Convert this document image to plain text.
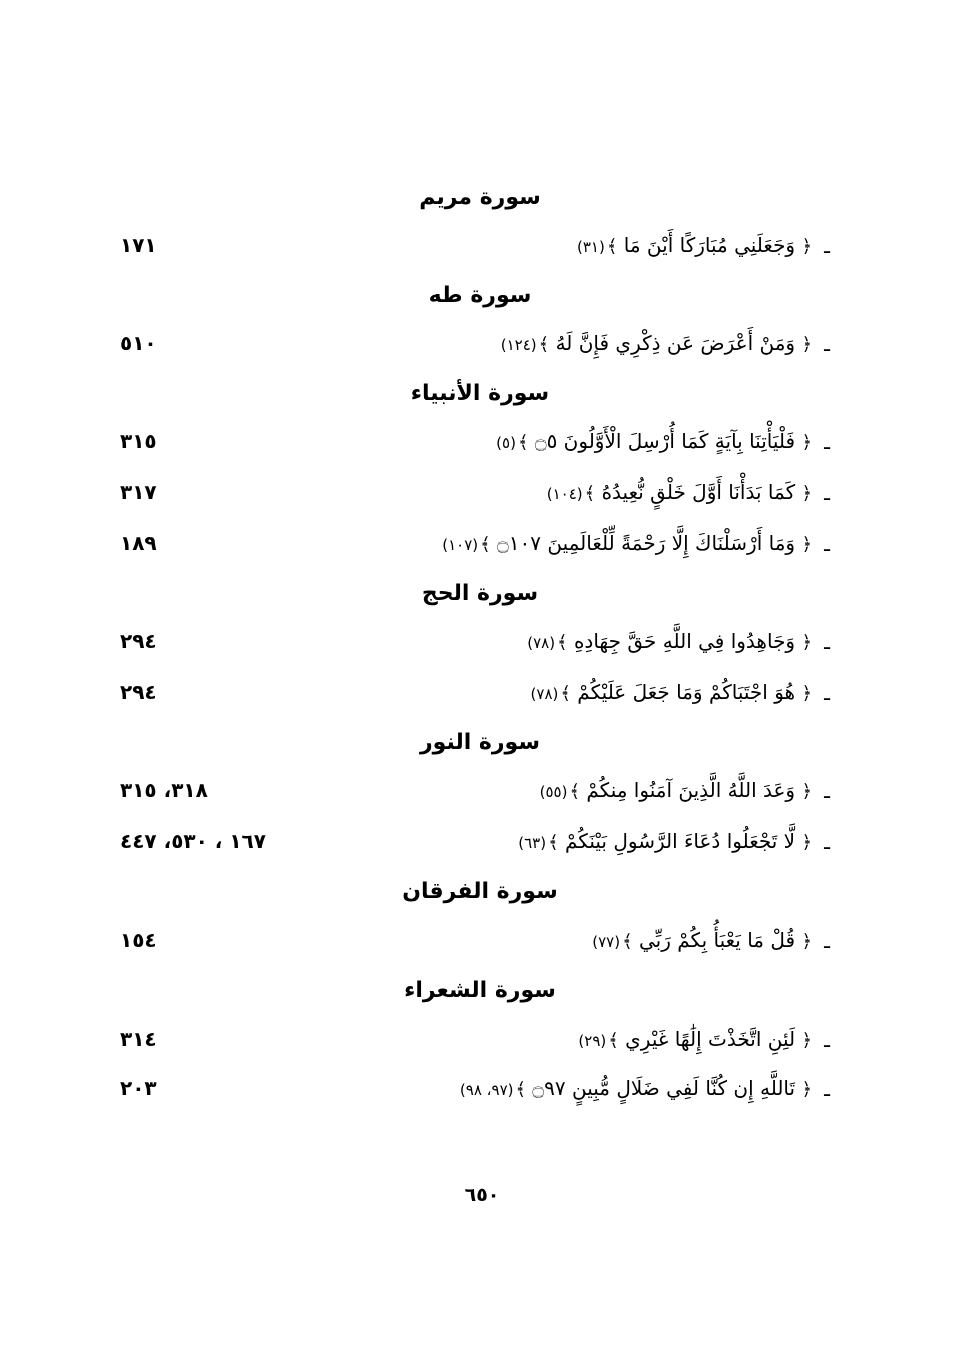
سورة مريم
ـ
﴿ وَجَعَلَنِي مُبَارَكًا أَيْنَ مَا ﴾(٣١)
١٧١
سورة طه
ـ
﴿ وَمَنْ أَعْرَضَ عَن ذِكْرِي فَإِنَّ لَهُ ﴾(١٢٤)
٥١٠
سورة الأنبياء
ـ
﴿ فَلْيَأْتِنَا بِآيَةٍ كَمَا أُرْسِلَ الْأَوَّلُونَ ۝٥ ﴾(٥)
٣١٥
ـ
﴿ كَمَا بَدَأْنَا أَوَّلَ خَلْقٍ نُّعِيدُهُ ﴾(١٠٤)
٣١٧
ـ
﴿ وَمَا أَرْسَلْنَاكَ إِلَّا رَحْمَةً لِّلْعَالَمِينَ ۝١٠٧ ﴾(١٠٧)
١٨٩
سورة الحج
ـ
﴿ وَجَاهِدُوا فِي اللَّهِ حَقَّ جِهَادِهِ ﴾(٧٨)
٢٩٤
ـ
﴿ هُوَ اجْتَبَاكُمْ وَمَا جَعَلَ عَلَيْكُمْ ﴾(٧٨)
٢٩٤
سورة النور
ـ
﴿ وَعَدَ اللَّهُ الَّذِينَ آمَنُوا مِنكُمْ ﴾(٥٥)
٣١٨، ٣١٥
ـ
﴿ لَّا تَجْعَلُوا دُعَاءَ الرَّسُولِ بَيْنَكُمْ ﴾(٦٣)
١٦٧ ، ٥٣٠، ٤٤٧
سورة الفرقان
ـ
﴿ قُلْ مَا يَعْبَأُ بِكُمْ رَبِّي ﴾(٧٧)
١٥٤
سورة الشعراء
ـ
﴿ لَئِنِ اتَّخَذْتَ إِلَٰهًا غَيْرِي ﴾(٢٩)
٣١٤
ـ
﴿ تَاللَّهِ إِن كُنَّا لَفِي ضَلَالٍ مُّبِينٍ ۝٩٧ ﴾(٩٧، ٩٨)
٢٠٣
٦٥٠
